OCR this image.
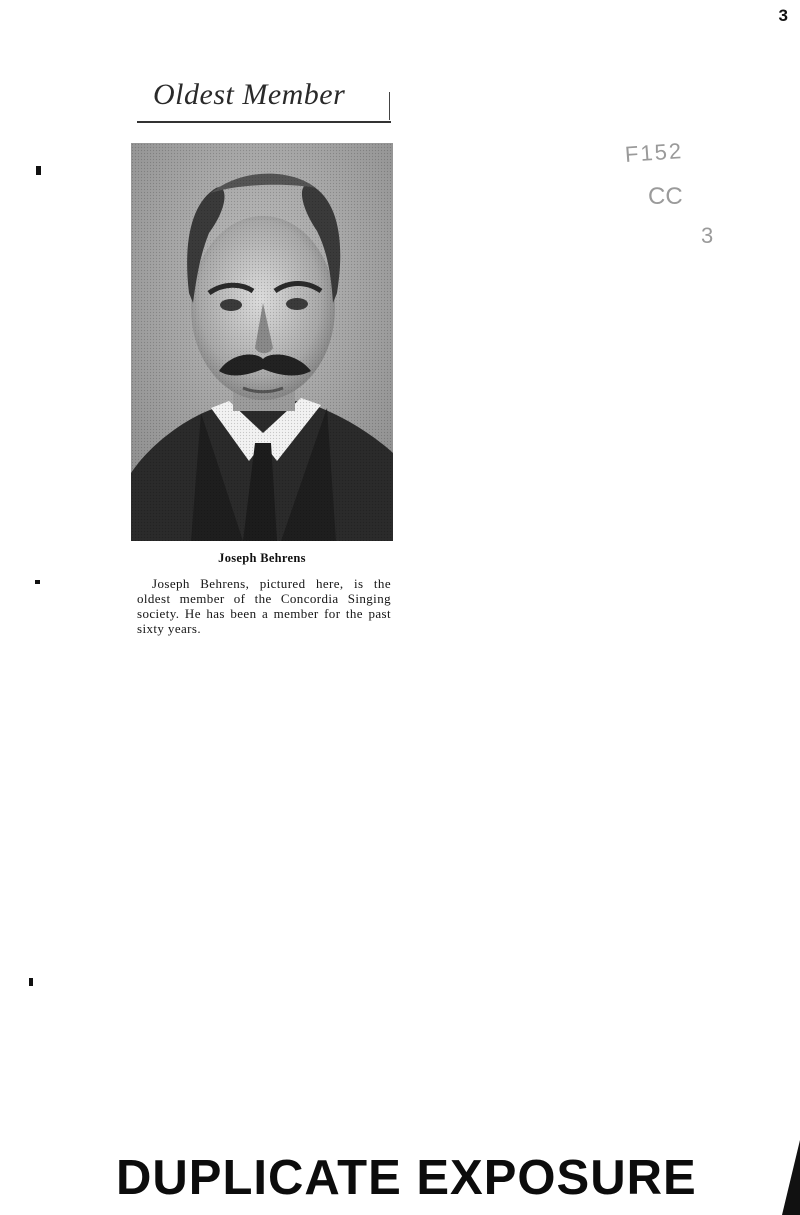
3
Oldest Member
Joseph Behrens
Joseph Behrens, pictured here, is the oldest member of the Concordia Singing society. He has been a member for the past sixty years.
F152
CC
3
DUPLICATE EXPOSURE
